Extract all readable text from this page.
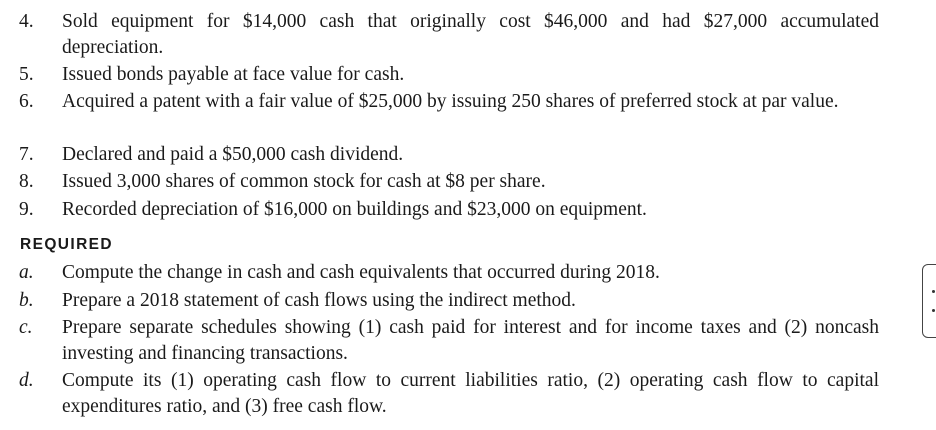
4.	Sold equipment for $14,000 cash that originally cost $46,000 and had $27,000 accumulated depreciation.
5.	Issued bonds payable at face value for cash.
6.	Acquired a patent with a fair value of $25,000 by issuing 250 shares of preferred stock at par value.
7.	Declared and paid a $50,000 cash dividend.
8.	Issued 3,000 shares of common stock for cash at $8 per share.
9.	Recorded depreciation of $16,000 on buildings and $23,000 on equipment.
REQUIRED
a.	Compute the change in cash and cash equivalents that occurred during 2018.
b.	Prepare a 2018 statement of cash flows using the indirect method.
c.	Prepare separate schedules showing (1) cash paid for interest and for income taxes and (2) noncash investing and financing transactions.
d.	Compute its (1) operating cash flow to current liabilities ratio, (2) operating cash flow to capital expenditures ratio, and (3) free cash flow.
